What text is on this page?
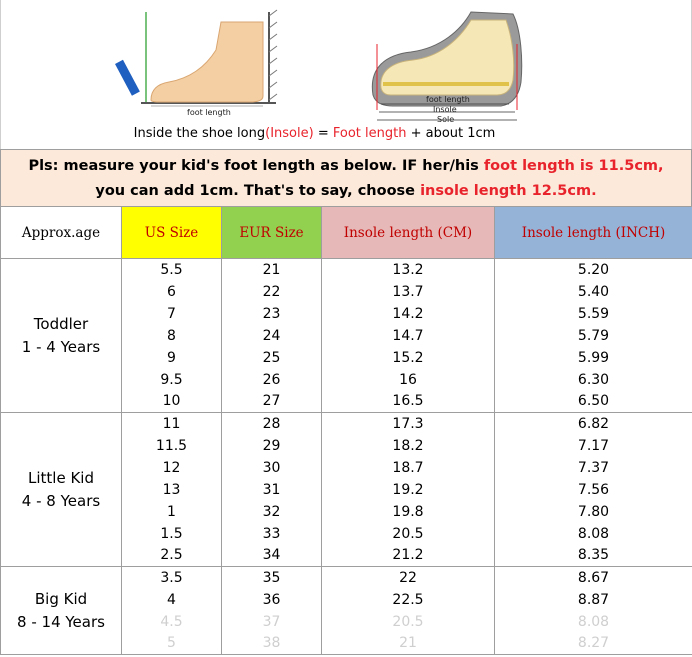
foot length
foot length
Insole
Sole
Inside the shoe long(Insole) = Foot length + about 1cm
Pls: measure your kid's foot length as below. IF her/his foot length is 11.5cm,
you can add 1cm. That's to say, choose insole length 12.5cm.
Approx.age	US Size	EUR Size	Insole length (CM)	Insole length (INCH)

Toddler
1 - 4 Years	5.5	21	13.2	5.20
	6	22	13.7	5.40
	7	23	14.2	5.59
	8	24	14.7	5.79
	9	25	15.2	5.99
	9.5	26	16	6.30
	10	27	16.5	6.50

Little Kid
4 - 8 Years	11	28	17.3	6.82
	11.5	29	18.2	7.17
	12	30	18.7	7.37
	13	31	19.2	7.56
	1	32	19.8	7.80
	1.5	33	20.5	8.08
	2.5	34	21.2	8.35

Big Kid
8 - 14 Years	3.5	35	22	8.67
	4	36	22.5	8.87
	4.5	37	20.5	8.08
	5	38	21	8.27
